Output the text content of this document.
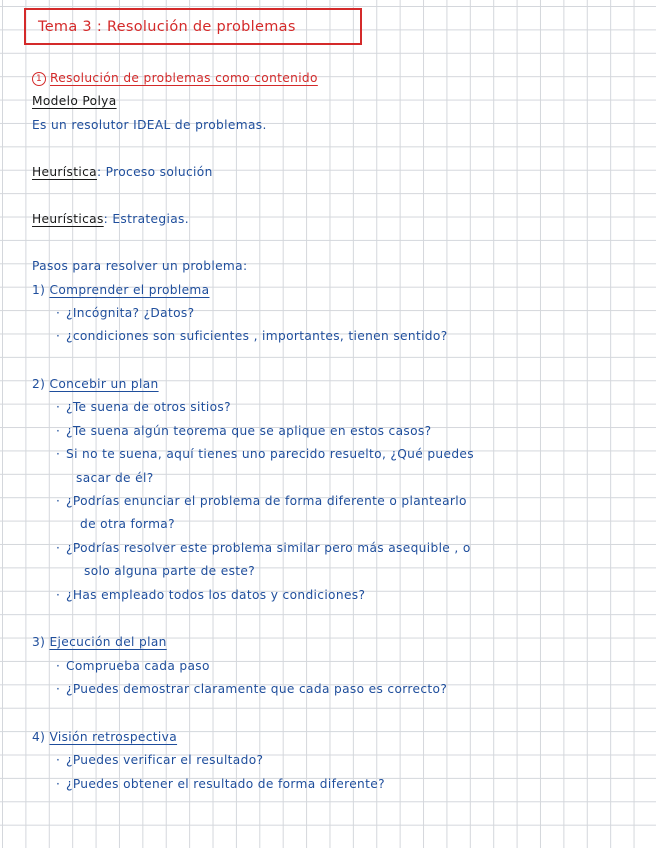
Tema 3 : Resolución de problemas
1 Resolución de problemas como contenido
Modelo Polya
Es un resolutor IDEAL de problemas.
Heurística: Proceso solución
Heurísticas: Estrategias.
Pasos para resolver un problema:
1) Comprender el problema
· ¿Incógnita? ¿Datos?
· ¿condiciones son suficientes , importantes, tienen sentido?
2) Concebir un plan
· ¿Te suena de otros sitios?
· ¿Te suena algún teorema que se aplique en estos casos?
· Si no te suena, aquí tienes uno parecido resuelto, ¿Qué puedes
sacar de él?
· ¿Podrías enunciar el problema de forma diferente o plantearlo
de otra forma?
· ¿Podrías resolver este problema similar pero más asequible , o
solo alguna parte de este?
· ¿Has empleado todos los datos y condiciones?
3) Ejecución del plan
· Comprueba cada paso
· ¿Puedes demostrar claramente que cada paso es correcto?
4) Visión retrospectiva
· ¿Puedes verificar el resultado?
· ¿Puedes obtener el resultado de forma diferente?
